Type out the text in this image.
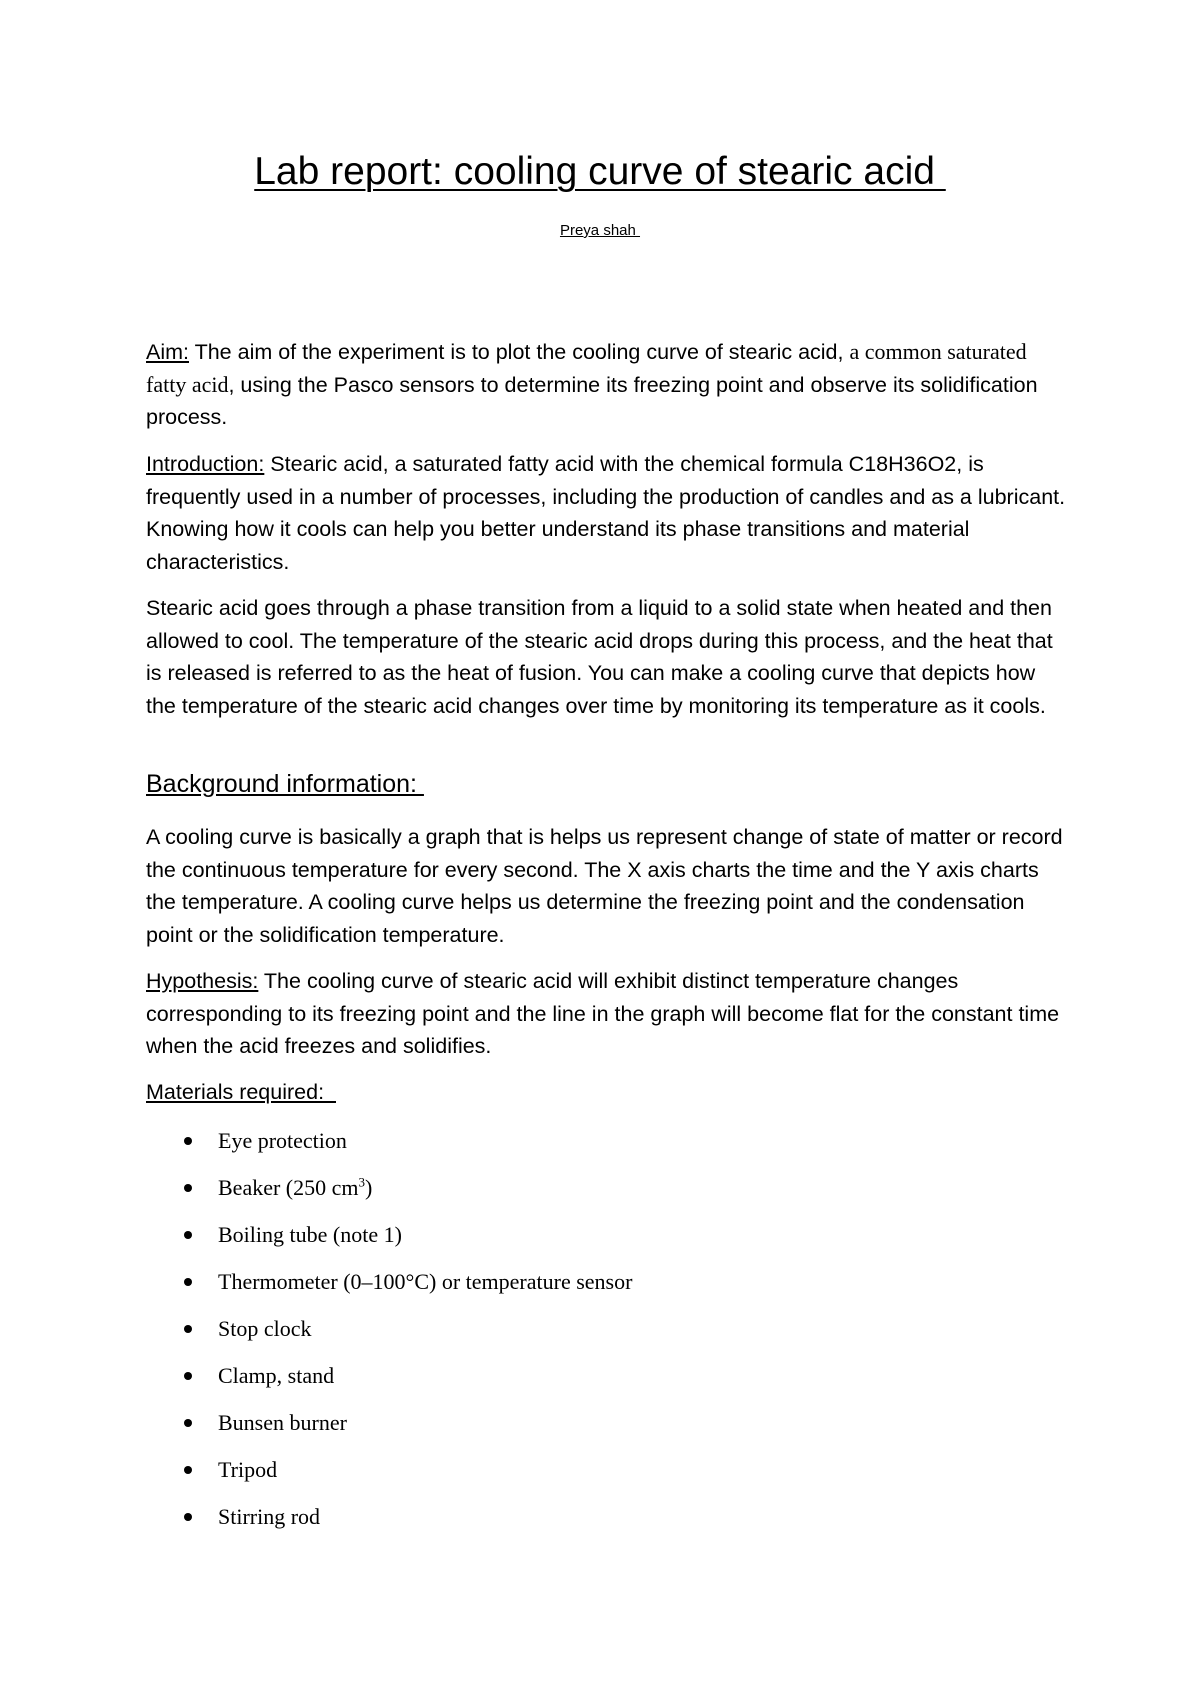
Lab report: cooling curve of stearic acid
Preya shah
Aim: The aim of the experiment is to plot the cooling curve of stearic acid, a common saturated fatty acid, using the Pasco sensors to determine its freezing point and observe its solidification process.
Introduction: Stearic acid, a saturated fatty acid with the chemical formula C18H36O2, is frequently used in a number of processes, including the production of candles and as a lubricant. Knowing how it cools can help you better understand its phase transitions and material characteristics.
Stearic acid goes through a phase transition from a liquid to a solid state when heated and then allowed to cool. The temperature of the stearic acid drops during this process, and the heat that is released is referred to as the heat of fusion. You can make a cooling curve that depicts how the temperature of the stearic acid changes over time by monitoring its temperature as it cools.
Background information:
A cooling curve is basically a graph that is helps us represent change of state of matter or record the continuous temperature for every second. The X axis charts the time and the Y axis charts the temperature. A cooling curve helps us determine the freezing point and the condensation point or the solidification temperature.
Hypothesis: The cooling curve of stearic acid will exhibit distinct temperature changes corresponding to its freezing point and the line in the graph will become flat for the constant time when the acid freezes and solidifies.
Materials required:
Eye protection
Beaker (250 $cm^3$)
Boiling tube (note 1)
Thermometer (0–100°C) or temperature sensor
Stop clock
Clamp, stand
Bunsen burner
Tripod
Stirring rod
